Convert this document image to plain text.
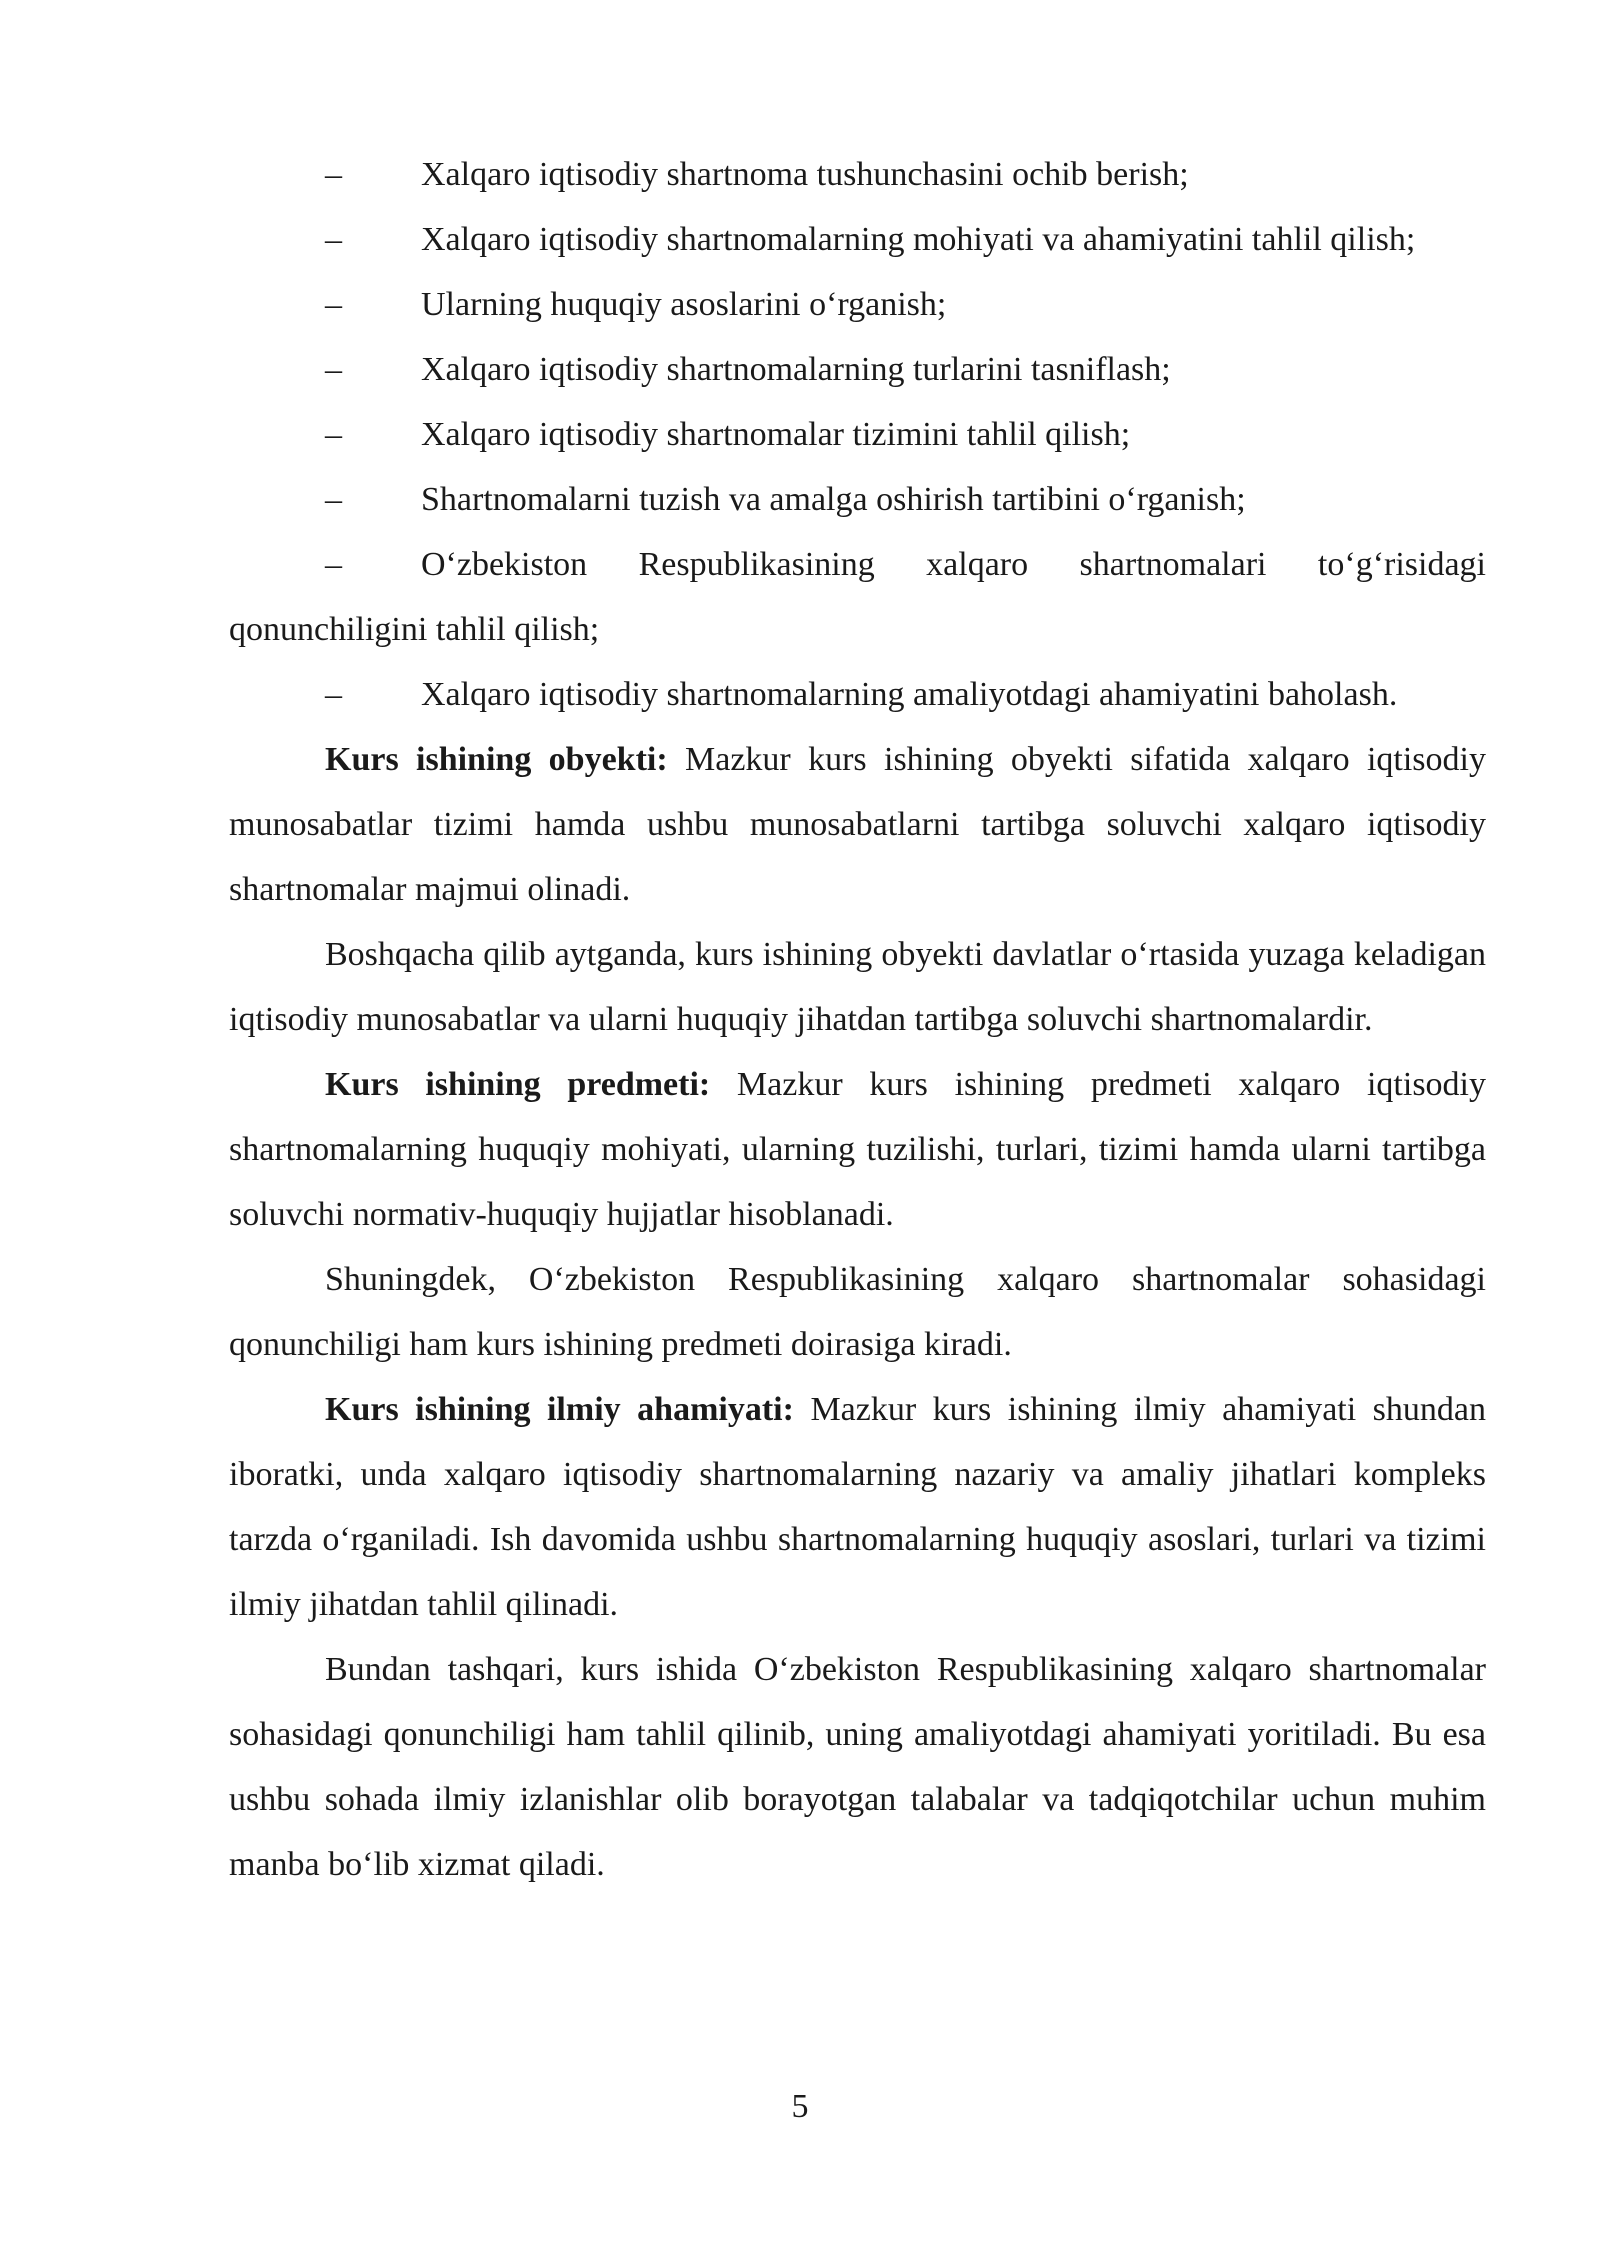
– Xalqaro iqtisodiy shartnoma tushunchasini ochib berish;

– Xalqaro iqtisodiy shartnomalarning mohiyati va ahamiyatini tahlil qilish;

– Ularning huquqiy asoslarini o‘rganish;

– Xalqaro iqtisodiy shartnomalarning turlarini tasniflash;

– Xalqaro iqtisodiy shartnomalar tizimini tahlil qilish;

– Shartnomalarni tuzish va amalga oshirish tartibini o‘rganish;

– O‘zbekiston Respublikasining xalqaro shartnomalari to‘g‘risidagi qonunchiligini tahlil qilish;

– Xalqaro iqtisodiy shartnomalarning amaliyotdagi ahamiyatini baholash.

Kurs ishining obyekti: Mazkur kurs ishining obyekti sifatida xalqaro iqtisodiy munosabatlar tizimi hamda ushbu munosabatlarni tartibga soluvchi xalqaro iqtisodiy shartnomalar majmui olinadi.

Boshqacha qilib aytganda, kurs ishining obyekti davlatlar o‘rtasida yuzaga keladigan iqtisodiy munosabatlar va ularni huquqiy jihatdan tartibga soluvchi shartnomalardir.

Kurs ishining predmeti: Mazkur kurs ishining predmeti xalqaro iqtisodiy shartnomalarning huquqiy mohiyati, ularning tuzilishi, turlari, tizimi hamda ularni tartibga soluvchi normativ-huquqiy hujjatlar hisoblanadi.

Shuningdek, O‘zbekiston Respublikasining xalqaro shartnomalar sohasidagi qonunchiligi ham kurs ishining predmeti doirasiga kiradi.

Kurs ishining ilmiy ahamiyati: Mazkur kurs ishining ilmiy ahamiyati shundan iboratki, unda xalqaro iqtisodiy shartnomalarning nazariy va amaliy jihatlari kompleks tarzda o‘rganiladi. Ish davomida ushbu shartnomalarning huquqiy asoslari, turlari va tizimi ilmiy jihatdan tahlil qilinadi.

Bundan tashqari, kurs ishida O‘zbekiston Respublikasining xalqaro shartnomalar sohasidagi qonunchiligi ham tahlil qilinib, uning amaliyotdagi ahamiyati yoritiladi. Bu esa ushbu sohada ilmiy izlanishlar olib borayotgan talabalar va tadqiqotchilar uchun muhim manba bo‘lib xizmat qiladi.

5
